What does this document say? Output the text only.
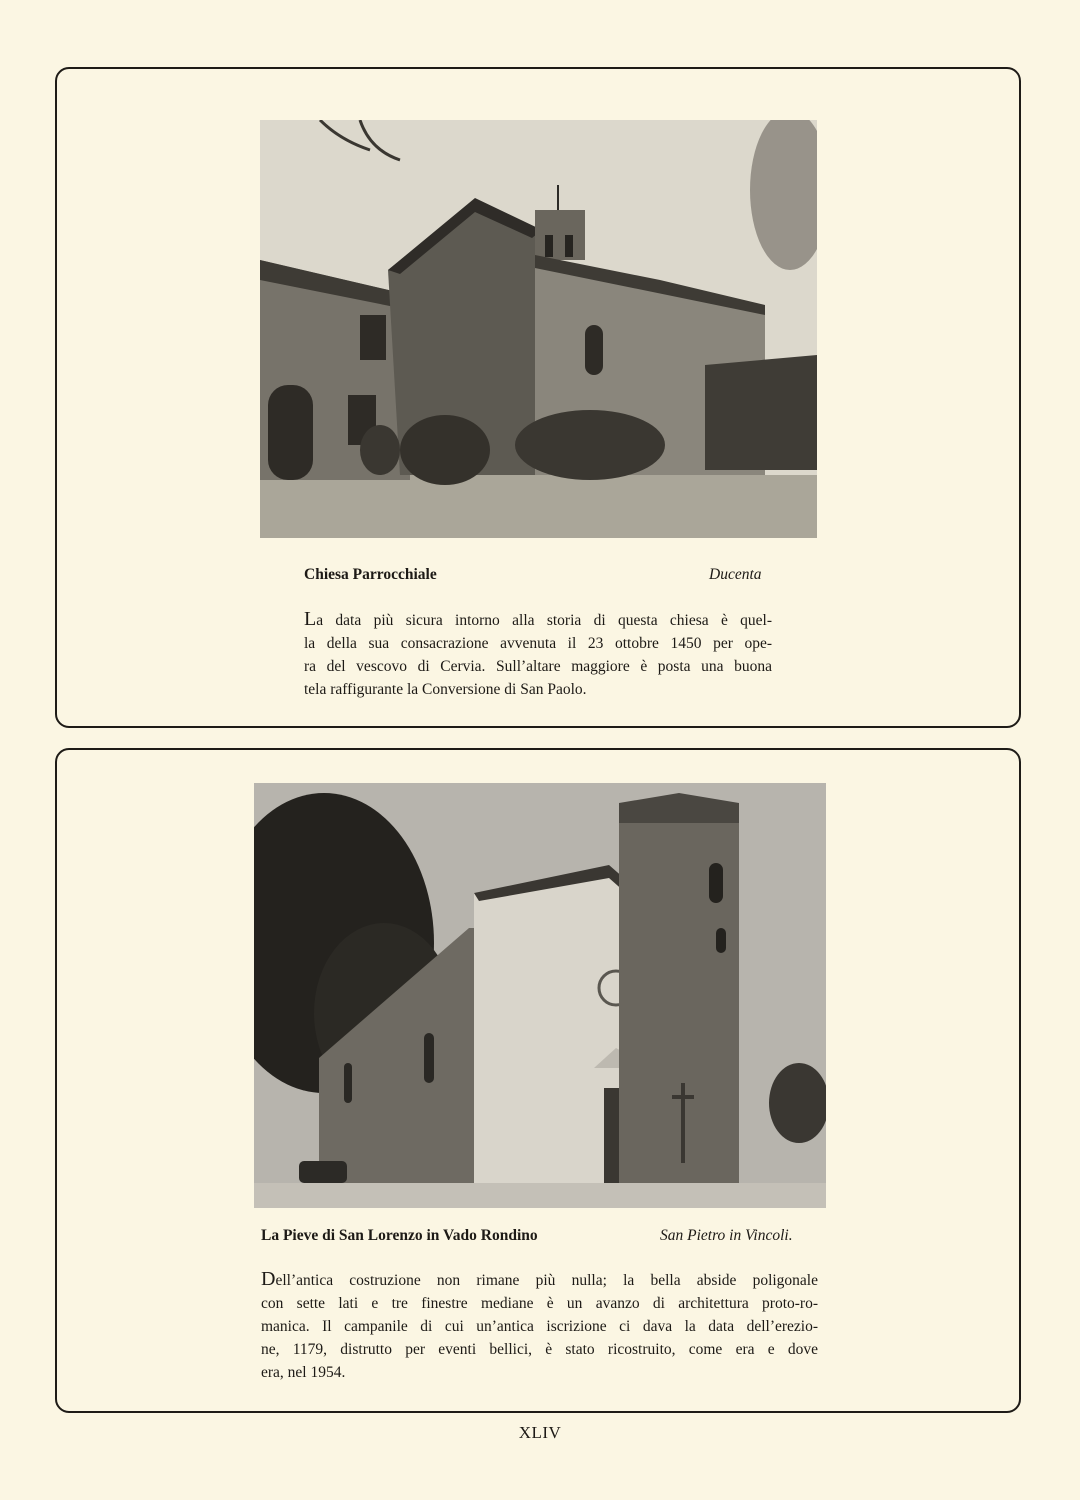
Chiesa Parrocchiale	Ducenta
La data più sicura intorno alla storia di questa chiesa è quel-
la della sua consacrazione avvenuta il 23 ottobre 1450 per ope-
ra del vescovo di Cervia. Sull’altare maggiore è posta una buona
tela raffigurante la Conversione di San Paolo.
La Pieve di San Lorenzo in Vado Rondino	San Pietro in Vincoli.
Dell’antica costruzione non rimane più nulla; la bella abside poligonale
con sette lati e tre finestre mediane è un avanzo di architettura proto-ro-
manica. Il campanile di cui un’antica iscrizione ci dava la data dell’erezio-
ne, 1179, distrutto per eventi bellici, è stato ricostruito, come era e dove
era, nel 1954.
XLIV
